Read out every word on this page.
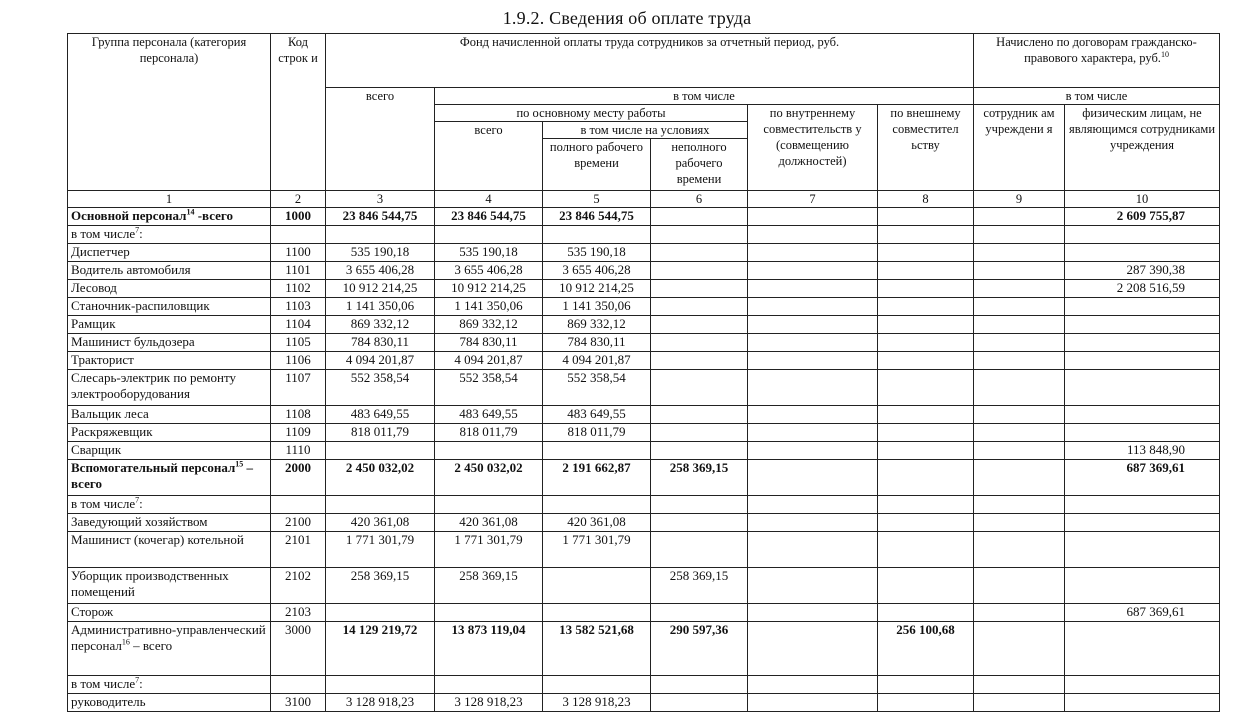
1.9.2. Сведения об оплате труда
Группа персонала (категория персонала)	Код строк и	Фонд начисленной оплаты труда сотрудников за отчетный период, руб.						Начислено по договорам гражданско-правового характера, руб.$^{10}$
		всего	в том числе					в том числе	
			по основному месту работы			по внутреннему совместительств у (совмещению должностей)	по внешнему совместител ьству	сотрудник ам учреждени я	физическим лицам, не являющимся сотрудниками учреждения
			всего	в том числе на условиях					
				полного рабочего времени	неполного рабочего времени				
1	2	3	4	5	6	7	8	9	10
Основной персонал$^{14}$ -всего	1000	23 846 544,75	23 846 544,75	23 846 544,75					2 609 755,87
в том числе$^7$:									
Диспетчер	1100	535 190,18	535 190,18	535 190,18					
Водитель автомобиля	1101	3 655 406,28	3 655 406,28	3 655 406,28					287 390,38
Лесовод	1102	10 912 214,25	10 912 214,25	10 912 214,25					2 208 516,59
Станочник-распиловщик	1103	1 141 350,06	1 141 350,06	1 141 350,06					
Рамщик	1104	869 332,12	869 332,12	869 332,12					
Машинист бульдозера	1105	784 830,11	784 830,11	784 830,11					
Тракторист	1106	4 094 201,87	4 094 201,87	4 094 201,87					
Слесарь-электрик по ремонту электрооборудования	1107	552 358,54	552 358,54	552 358,54					
Вальщик леса	1108	483 649,55	483 649,55	483 649,55					
Раскряжевщик	1109	818 011,79	818 011,79	818 011,79					
Сварщик	1110								113 848,90
Вспомогательный персонал$^{15}$ – всего	2000	2 450 032,02	2 450 032,02	2 191 662,87	258 369,15				687 369,61
в том числе$^7$:									
Заведующий хозяйством	2100	420 361,08	420 361,08	420 361,08					
Машинист (кочегар) котельной	2101	1 771 301,79	1 771 301,79	1 771 301,79					
Уборщик производственных помещений	2102	258 369,15	258 369,15		258 369,15				
Сторож	2103								687 369,61
Административно-управленческий персонал$^{16}$ – всего	3000	14 129 219,72	13 873 119,04	13 582 521,68	290 597,36		256 100,68		
в том числе$^7$:									
руководитель	3100	3 128 918,23	3 128 918,23	3 128 918,23					
